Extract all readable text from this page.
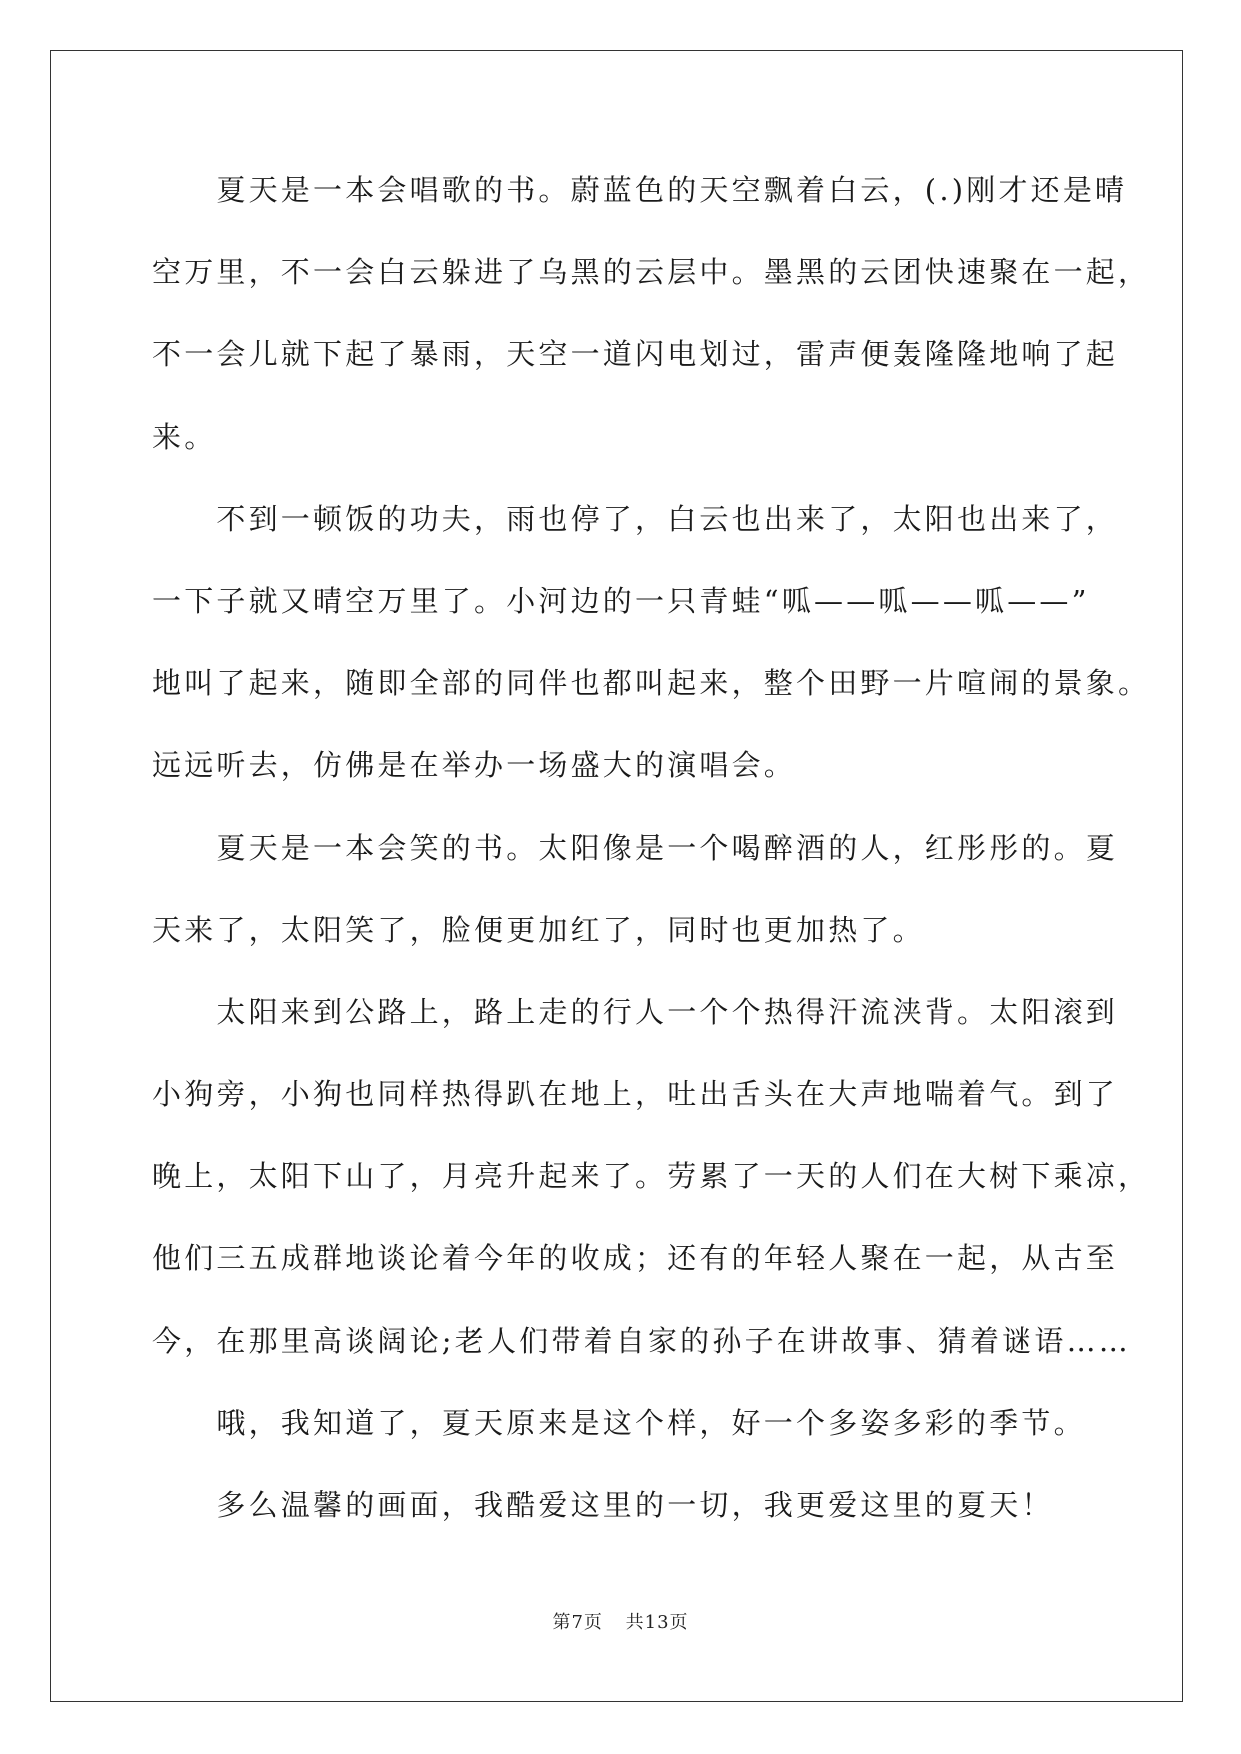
　　夏天是一本会唱歌的书。蔚蓝色的天空飘着白云，(.)刚才还是晴
空万里，不一会白云躲进了乌黑的云层中。墨黑的云团快速聚在一起，
不一会儿就下起了暴雨，天空一道闪电划过，雷声便轰隆隆地响了起
来。
　　不到一顿饭的功夫，雨也停了，白云也出来了，太阳也出来了，
一下子就又晴空万里了。小河边的一只青蛙“呱——呱——呱——”
地叫了起来，随即全部的同伴也都叫起来，整个田野一片喧闹的景象。
远远听去，仿佛是在举办一场盛大的演唱会。
　　夏天是一本会笑的书。太阳像是一个喝醉酒的人，红彤彤的。夏
天来了，太阳笑了，脸便更加红了，同时也更加热了。
　　太阳来到公路上，路上走的行人一个个热得汗流浃背。太阳滚到
小狗旁，小狗也同样热得趴在地上，吐出舌头在大声地喘着气。到了
晚上，太阳下山了，月亮升起来了。劳累了一天的人们在大树下乘凉，
他们三五成群地谈论着今年的收成；还有的年轻人聚在一起，从古至
今，在那里高谈阔论;老人们带着自家的孙子在讲故事、猜着谜语……
　　哦，我知道了，夏天原来是这个样，好一个多姿多彩的季节。
　　多么温馨的画面，我酷爱这里的一切，我更爱这里的夏天！
第7页 共13页
